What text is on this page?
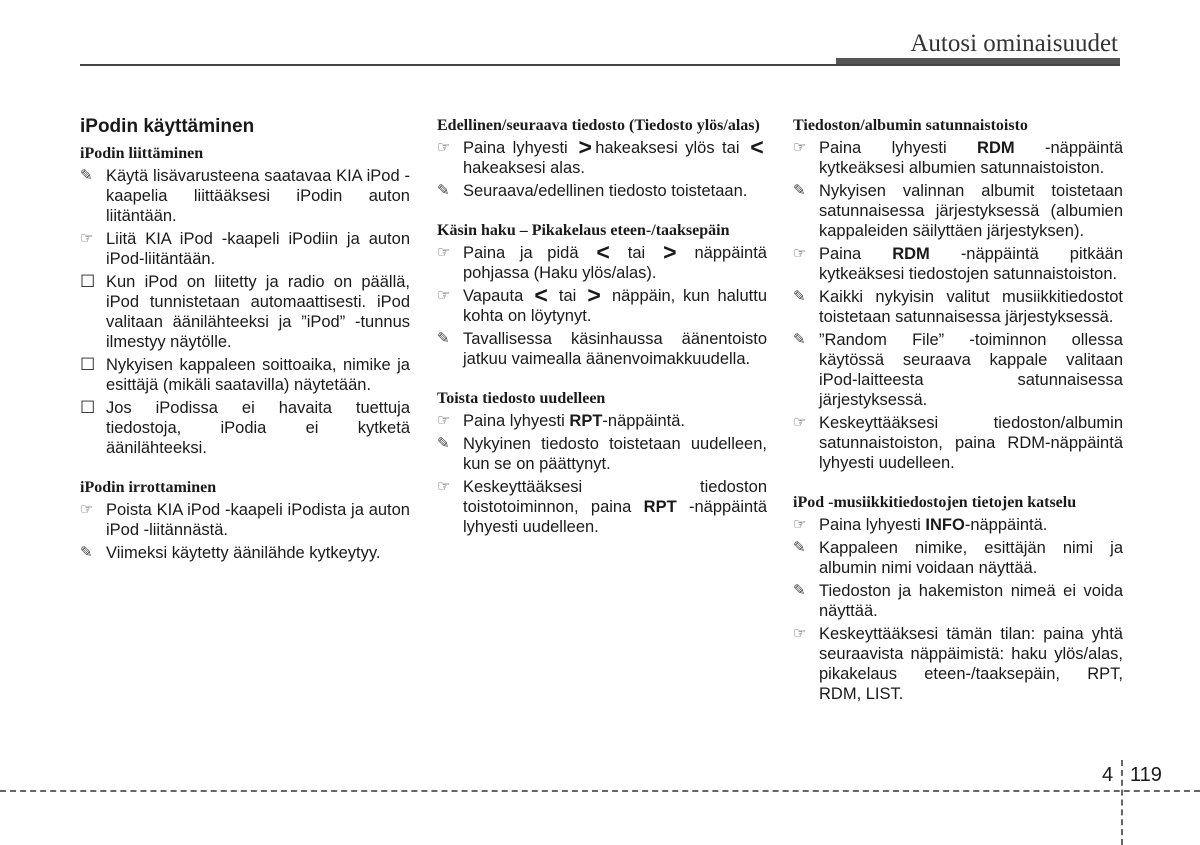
Autosi ominaisuudet
iPodin käyttäminen
iPodin liittäminen
✎ Käytä lisävarusteena saatavaa KIA iPod -kaapelia liittääksesi iPodin auton liitäntään.
☞ Liitä KIA iPod -kaapeli iPodiin ja auton iPod-liitäntään.
☐ Kun iPod on liitetty ja radio on päällä, iPod tunnistetaan automaattisesti. iPod valitaan äänilähteeksi ja ”iPod” -tunnus ilmestyy näytölle.
☐ Nykyisen kappaleen soittoaika, nimike ja esittäjä (mikäli saatavilla) näytetään.
☐ Jos iPodissa ei havaita tuettuja tiedostoja, iPodia ei kytketä äänilähteeksi.
iPodin irrottaminen
☞ Poista KIA iPod -kaapeli iPodista ja auton iPod -liitännästä.
✎ Viimeksi käytetty äänilähde kytkeytyy.
Edellinen/seuraava tiedosto (Tiedosto ylös/alas)
☞ Paina lyhyesti > hakeaksesi ylös tai < hakeaksesi alas.
✎ Seuraava/edellinen tiedosto toistetaan.
Käsin haku – Pikakelaus eteen-/taaksepäin
☞ Paina ja pidä < tai > näppäintä pohjassa (Haku ylös/alas).
☞ Vapauta < tai > näppäin, kun haluttu kohta on löytynyt.
✎ Tavallisessa käsinhaussa äänentoisto jatkuu vaimealla äänenvoimakkuudella.
Toista tiedosto uudelleen
☞ Paina lyhyesti RPT-näppäintä.
✎ Nykyinen tiedosto toistetaan uudelleen, kun se on päättynyt.
☞ Keskeyttääksesi tiedoston toistotoiminnon, paina RPT -näppäintä lyhyesti uudelleen.
Tiedoston/albumin satunnaistoisto
☞ Paina lyhyesti RDM -näppäintä kytkeäksesi albumien satunnaistoiston.
✎ Nykyisen valinnan albumit toistetaan satunnaisessa järjestyksessä (albumien kappaleiden säilyttäen järjestyksen).
☞ Paina RDM -näppäintä pitkään kytkeäksesi tiedostojen satunnaistoiston.
✎ Kaikki nykyisin valitut musiikkitiedostot toistetaan satunnaisessa järjestyksessä.
✎ ”Random File” -toiminnon ollessa käytössä seuraava kappale valitaan iPod-laitteesta satunnaisessa järjestyksessä.
☞ Keskeyttääksesi tiedoston/albumin satunnaistoiston, paina RDM-näppäintä lyhyesti uudelleen.
iPod -musiikkitiedostojen tietojen katselu
☞ Paina lyhyesti INFO-näppäintä.
✎ Kappaleen nimike, esittäjän nimi ja albumin nimi voidaan näyttää.
✎ Tiedoston ja hakemiston nimeä ei voida näyttää.
☞ Keskeyttääksesi tämän tilan: paina yhtä seuraavista näppäimistä: haku ylös/alas, pikakelaus eteen-/taaksepäin, RPT, RDM, LIST.

4 119
